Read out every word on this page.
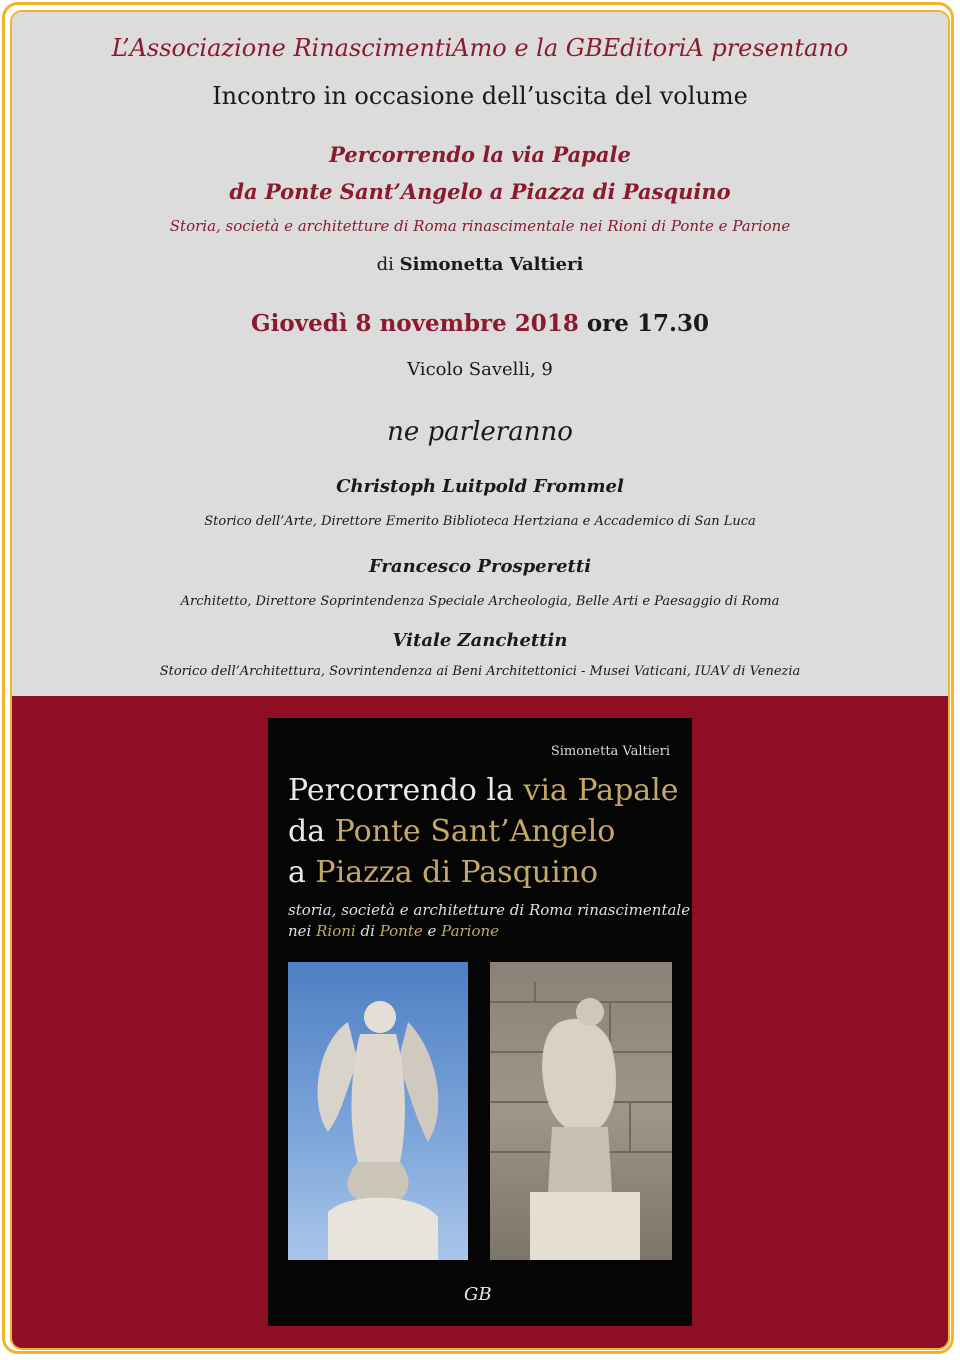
L’Associazione RinascimentiAmo e la GBEditoriA presentano
Incontro in occasione dell’uscita del volume
Percorrendo la via Papale
da Ponte Sant’Angelo a Piazza di Pasquino
Storia, società e architetture di Roma rinascimentale nei Rioni di Ponte e Parione
di Simonetta Valtieri
Giovedì 8 novembre 2018 ore 17.30
Vicolo Savelli, 9
ne parleranno
Christoph Luitpold Frommel
Storico dell’Arte, Direttore Emerito Biblioteca Hertziana e Accademico di San Luca
Francesco Prosperetti
Architetto, Direttore Soprintendenza Speciale Archeologia, Belle Arti e Paesaggio di Roma
Vitale Zanchettin
Storico dell’Architettura, Sovrintendenza ai Beni Architettonici - Musei Vaticani, IUAV di Venezia
Simonetta Valtieri
Percorrendo la via Papale
da Ponte Sant’Angelo
a Piazza di Pasquino
storia, società e architetture di Roma rinascimentale
nei Rioni di Ponte e Parione
GB
